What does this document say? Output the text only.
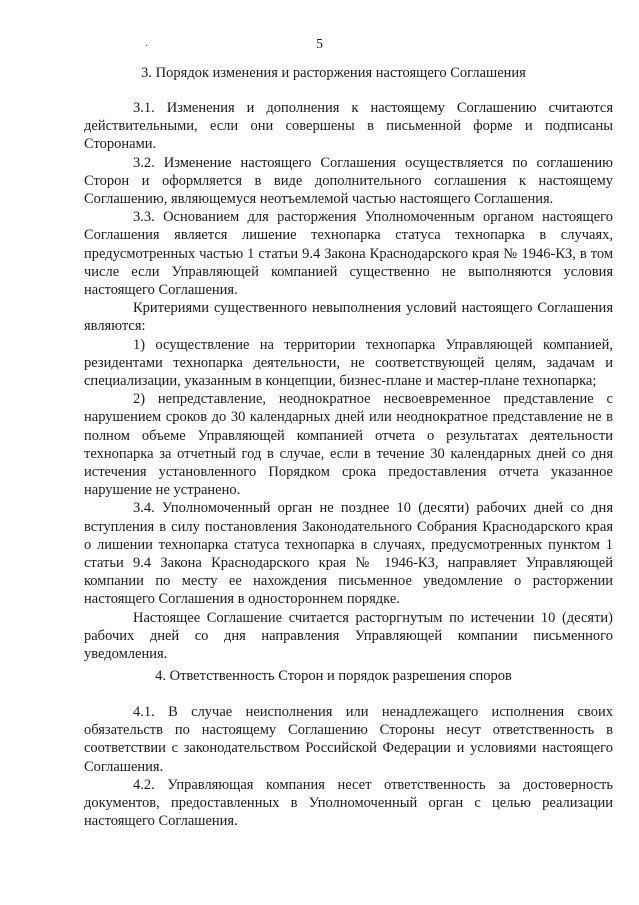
·	5
3. Порядок изменения и расторжения настоящего Соглашения

3.1. Изменения и дополнения к настоящему Соглашению считаются действительными, если они совершены в письменной форме и подписаны Сторонами.

3.2. Изменение настоящего Соглашения осуществляется по соглашению Сторон и оформляется в виде дополнительного соглашения к настоящему Соглашению, являющемуся неотъемлемой частью настоящего Соглашения.

3.3. Основанием для расторжения Уполномоченным органом настоящего Соглашения является лишение технопарка статуса технопарка в случаях, предусмотренных частью 1 статьи 9.4 Закона Краснодарского края № 1946-КЗ, в том числе если Управляющей компанией существенно не выполняются условия настоящего Соглашения.

Критериями существенного невыполнения условий настоящего Соглашения являются:

1) осуществление на территории технопарка Управляющей компанией, резидентами технопарка деятельности, не соответствующей целям, задачам и специализации, указанным в концепции, бизнес-плане и мастер-плане технопарка;

2) непредставление, неоднократное несвоевременное представление с нарушением сроков до 30 календарных дней или неоднократное представление не в полном объеме Управляющей компанией отчета о результатах деятельности технопарка за отчетный год в случае, если в течение 30 календарных дней со дня истечения установленного Порядком срока предоставления отчета указанное нарушение не устранено.

3.4. Уполномоченный орган не позднее 10 (десяти) рабочих дней со дня вступления в силу постановления Законодательного Собрания Краснодарского края о лишении технопарка статуса технопарка в случаях, предусмотренных пунктом 1 статьи 9.4 Закона Краснодарского края № 1946-КЗ, направляет Управляющей компании по месту ее нахождения письменное уведомление о расторжении настоящего Соглашения в одностороннем порядке.

Настоящее Соглашение считается расторгнутым по истечении 10 (десяти) рабочих дней со дня направления Управляющей компании письменного уведомления.

4. Ответственность Сторон и порядок разрешения споров

4.1. В случае неисполнения или ненадлежащего исполнения своих обязательств по настоящему Соглашению Стороны несут ответственность в соответствии с законодательством Российской Федерации и условиями настоящего Соглашения.

4.2. Управляющая компания несет ответственность за достоверность документов, предоставленных в Уполномоченный орган с целью реализации настоящего Соглашения.
